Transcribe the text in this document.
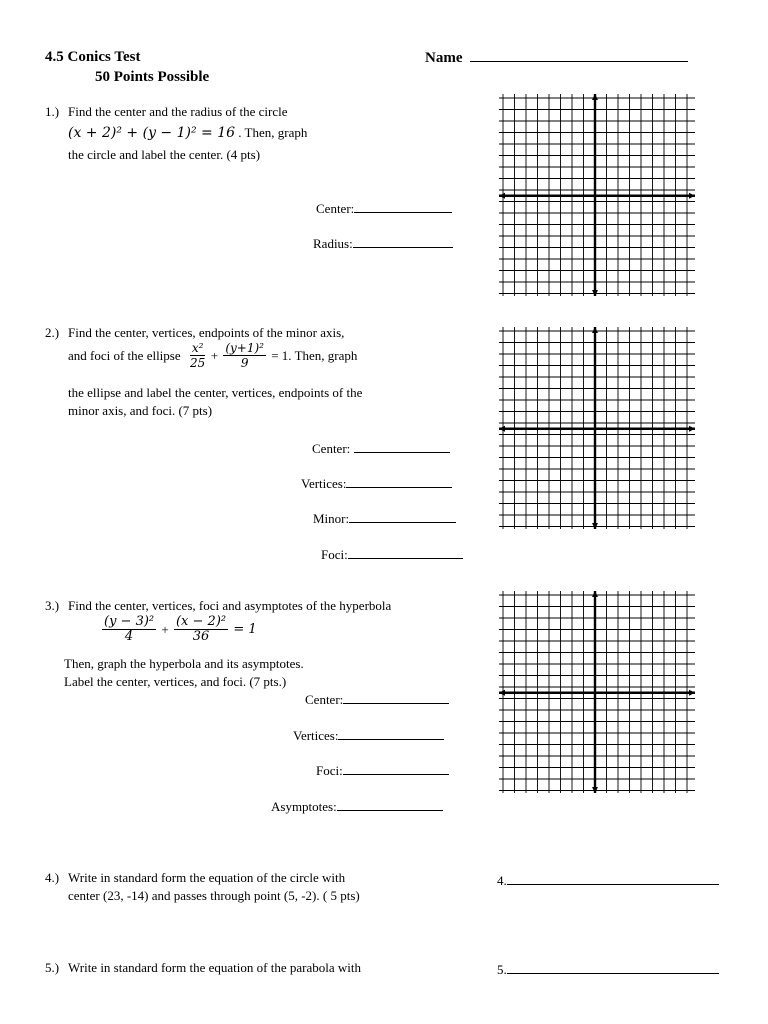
4.5 Conics Test
50 Points Possible
Name
1.) Find the center and the radius of the circle
(x + 2)² + (y − 1)² = 16 . Then, graph
the circle and label the center. (4 pts)
Center:
Radius:
2.) Find the center, vertices, endpoints of the minor axis,
and foci of the ellipse $\frac{\text{x²}}{25} + \frac{\text{(y+1)²}}{9} = 1$. Then, graph
the ellipse and label the center, vertices, endpoints of the
minor axis, and foci. (7 pts)
Center:
Vertices:
Minor:
Foci:
3.) Find the center, vertices, foci and asymptotes of the hyperbola
$\frac{\text{(y − 3)²}}{4} + \frac{\text{(x − 2)²}}{36} = 1$
Then, graph the hyperbola and its asymptotes.
Label the center, vertices, and foci. (7 pts.)
Center:
Vertices:
Foci:
Asymptotes:
4.) Write in standard form the equation of the circle with
center (23, -14) and passes through point (5, -2). ( 5 pts)
4.
5.) Write in standard form the equation of the parabola with	5.
